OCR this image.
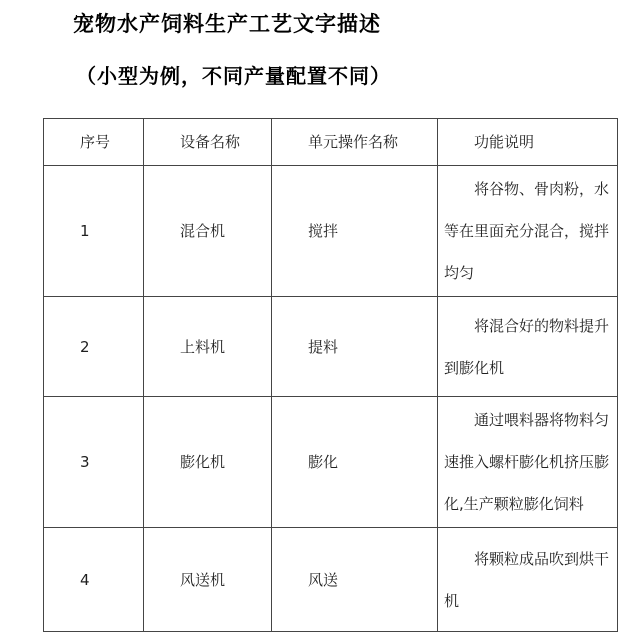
宠物水产饲料生产工艺文字描述
（小型为例，不同产量配置不同）
序号	设备名称	单元操作名称	功能说明
1	混合机	搅拌	将谷物、骨肉粉，水等在里面充分混合，搅拌均匀
2	上料机	提料	将混合好的物料提升到膨化机
3	膨化机	膨化	通过喂料器将物料匀速推入螺杆膨化机挤压膨化,生产颗粒膨化饲料
4	风送机	风送	将颗粒成品吹到烘干机
